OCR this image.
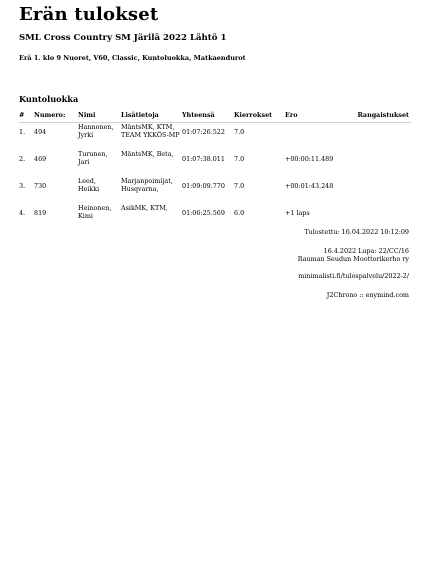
Erän tulokset
SML Cross Country SM Järilä 2022 Lähtö 1
Erä 1. klo 9 Nuoret, V60, Classic, Kuntoluokka, Matkaendurot
Kuntoluokka
#	Numero:	Nimi	Lisätietoja	Yhteensä	Kierrokset	Ero	Rangaistukset
1.	494	Hannonen, Jyrki	MäntsMK, KTM, TEAM YKKÖS-MP	01:07:26.522	7.0		
2.	469	Turunen, Jari	MäntsMK, Beta,	01:07:38.011	7.0	+00:00:11.489	
3.	730	Leed, Heikki	Marjanpoimijat, Husqvarna,	01:09:09.770	7.0	+00:01:43.248	
4.	819	Heinonen, Kimi	AsikMK, KTM,	01:06:25.569	6.0	+1 laps	
Tulostettu: 16.04.2022 10:12:09
16.4.2022 Lupa: 22/CC/16
Rauman Seudun Moottorikerho ry
minimalisti.fi/tulospalvelu/2022-2/
J2Chrono :: enymind.com
